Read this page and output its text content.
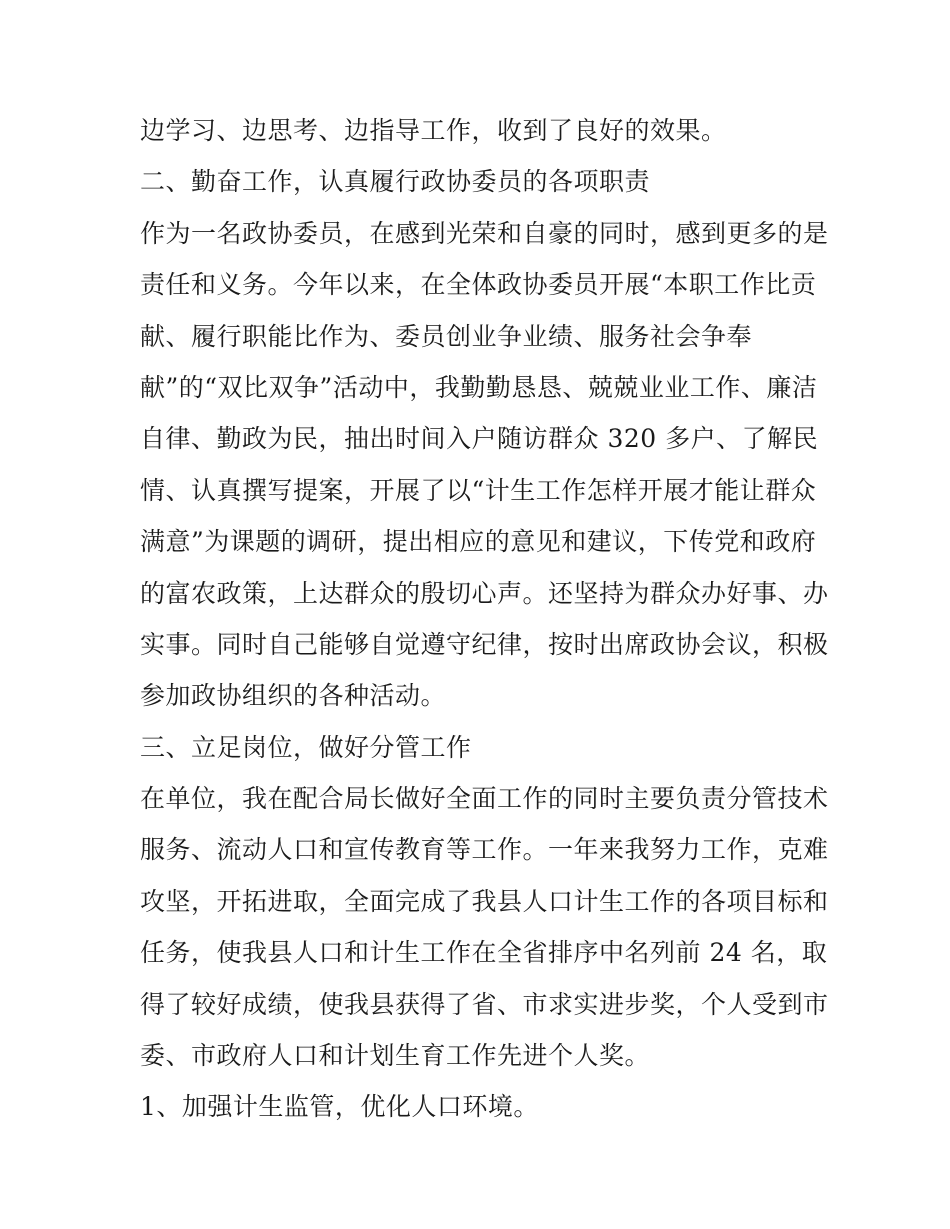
边学习、边思考、边指导工作，收到了良好的效果。
二、勤奋工作，认真履行政协委员的各项职责
作为一名政协委员，在感到光荣和自豪的同时，感到更多的是
责任和义务。今年以来，在全体政协委员开展“本职工作比贡
献、履行职能比作为、委员创业争业绩、服务社会争奉
献”的“双比双争”活动中，我勤勤恳恳、兢兢业业工作、廉洁
自律、勤政为民，抽出时间入户随访群众 320 多户、了解民
情、认真撰写提案，开展了以“计生工作怎样开展才能让群众
满意”为课题的调研，提出相应的意见和建议，下传党和政府
的富农政策，上达群众的殷切心声。还坚持为群众办好事、办
实事。同时自己能够自觉遵守纪律，按时出席政协会议，积极
参加政协组织的各种活动。
三、立足岗位，做好分管工作
在单位，我在配合局长做好全面工作的同时主要负责分管技术
服务、流动人口和宣传教育等工作。一年来我努力工作，克难
攻坚，开拓进取，全面完成了我县人口计生工作的各项目标和
任务，使我县人口和计生工作在全省排序中名列前 24 名，取
得了较好成绩，使我县获得了省、市求实进步奖，个人受到市
委、市政府人口和计划生育工作先进个人奖。
1、加强计生监管，优化人口环境。
